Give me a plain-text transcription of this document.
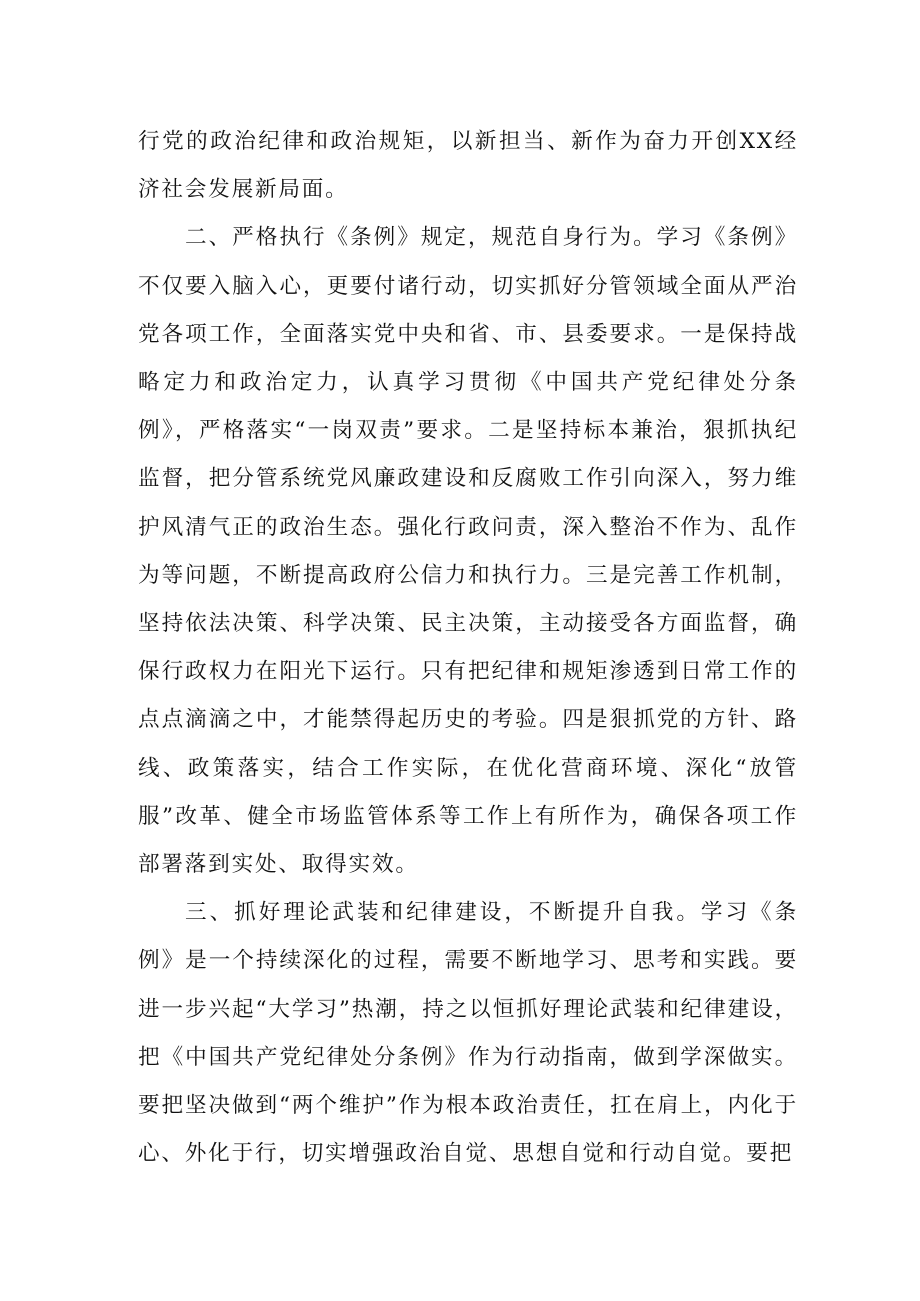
行党的政治纪律和政治规矩，以新担当、新作为奋力开创XX经济社会发展新局面。

二、严格执行《条例》规定，规范自身行为。学习《条例》不仅要入脑入心，更要付诸行动，切实抓好分管领域全面从严治党各项工作，全面落实党中央和省、市、县委要求。一是保持战略定力和政治定力，认真学习贯彻《中国共产党纪律处分条例》，严格落实“一岗双责”要求。二是坚持标本兼治，狠抓执纪监督，把分管系统党风廉政建设和反腐败工作引向深入，努力维护风清气正的政治生态。强化行政问责，深入整治不作为、乱作为等问题，不断提高政府公信力和执行力。三是完善工作机制，坚持依法决策、科学决策、民主决策，主动接受各方面监督，确保行政权力在阳光下运行。只有把纪律和规矩渗透到日常工作的点点滴滴之中，才能禁得起历史的考验。四是狠抓党的方针、路线、政策落实，结合工作实际，在优化营商环境、深化“放管服”改革、健全市场监管体系等工作上有所作为，确保各项工作部署落到实处、取得实效。

三、抓好理论武装和纪律建设，不断提升自我。学习《条例》是一个持续深化的过程，需要不断地学习、思考和实践。要进一步兴起“大学习”热潮，持之以恒抓好理论武装和纪律建设，把《中国共产党纪律处分条例》作为行动指南，做到学深做实。要把坚决做到“两个维护”作为根本政治责任，扛在肩上，内化于心、外化于行，切实增强政治自觉、思想自觉和行动自觉。要把
